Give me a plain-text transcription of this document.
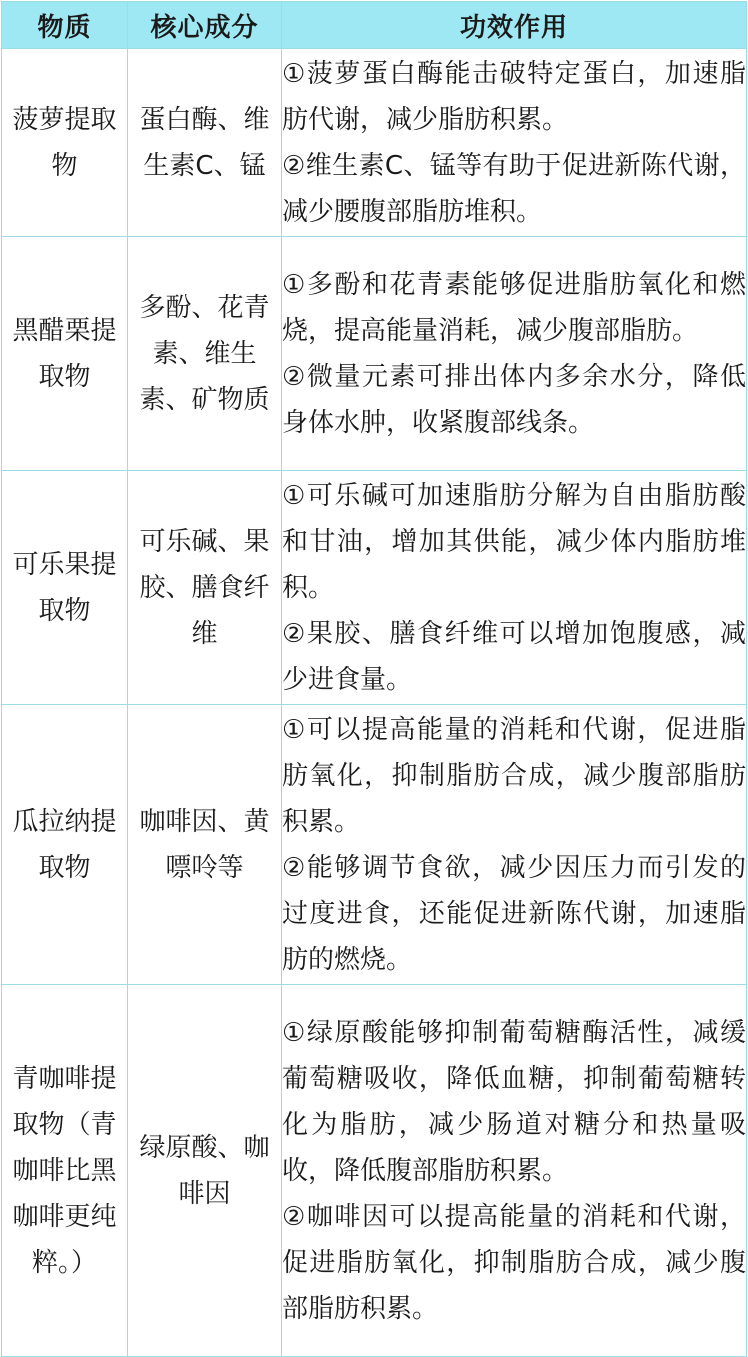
物质	核心成分	功效作用
菠萝提取物	蛋白酶、维生素C、锰	①菠萝蛋白酶能击破特定蛋白，加速脂肪代谢，减少脂肪积累。

②维生素C、锰等有助于促进新陈代谢，减少腰腹部脂肪堆积。

黑醋栗提取物	多酚、花青素、维生素、矿物质	①多酚和花青素能够促进脂肪氧化和燃烧，提高能量消耗，减少腹部脂肪。

②微量元素可排出体内多余水分，降低身体水肿，收紧腹部线条。

可乐果提取物	可乐碱、果胶、膳食纤维	①可乐碱可加速脂肪分解为自由脂肪酸和甘油，增加其供能，减少体内脂肪堆积。

②果胶、膳食纤维可以增加饱腹感，减少进食量。

瓜拉纳提取物	咖啡因、黄嘌呤等	①可以提高能量的消耗和代谢，促进脂肪氧化，抑制脂肪合成，减少腹部脂肪积累。

②能够调节食欲，减少因压力而引发的过度进食，还能促进新陈代谢，加速脂肪的燃烧。

青咖啡提取物（青咖啡比黑咖啡更纯粹。）	绿原酸、咖啡因	①绿原酸能够抑制葡萄糖酶活性，减缓葡萄糖吸收，降低血糖，抑制葡萄糖转化为脂肪，减少肠道对糖分和热量吸收，降低腹部脂肪积累。

②咖啡因可以提高能量的消耗和代谢，促进脂肪氧化，抑制脂肪合成，减少腹部脂肪积累。
